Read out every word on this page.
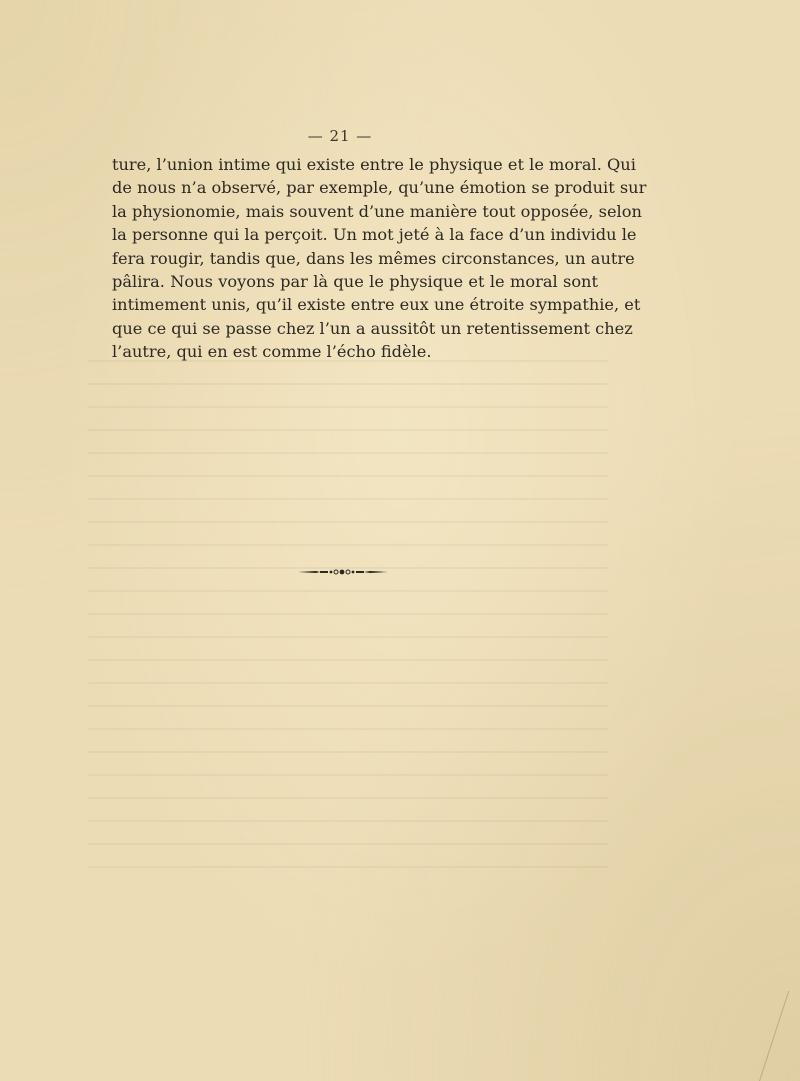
— 21 —
ture, l’union intime qui existe entre le physique et le moral. Qui
de nous n’a observé, par exemple, qu’une émotion se produit sur
la physionomie, mais souvent d’une manière tout opposée, selon
la personne qui la perçoit. Un mot jeté à la face d’un individu le
fera rougir, tandis que, dans les mêmes circonstances, un autre
pâlira. Nous voyons par là que le physique et le moral sont
intimement unis, qu’il existe entre eux une étroite sympathie, et
que ce qui se passe chez l’un a aussitôt un retentissement chez
l’autre, qui en est comme l’écho fidèle.
